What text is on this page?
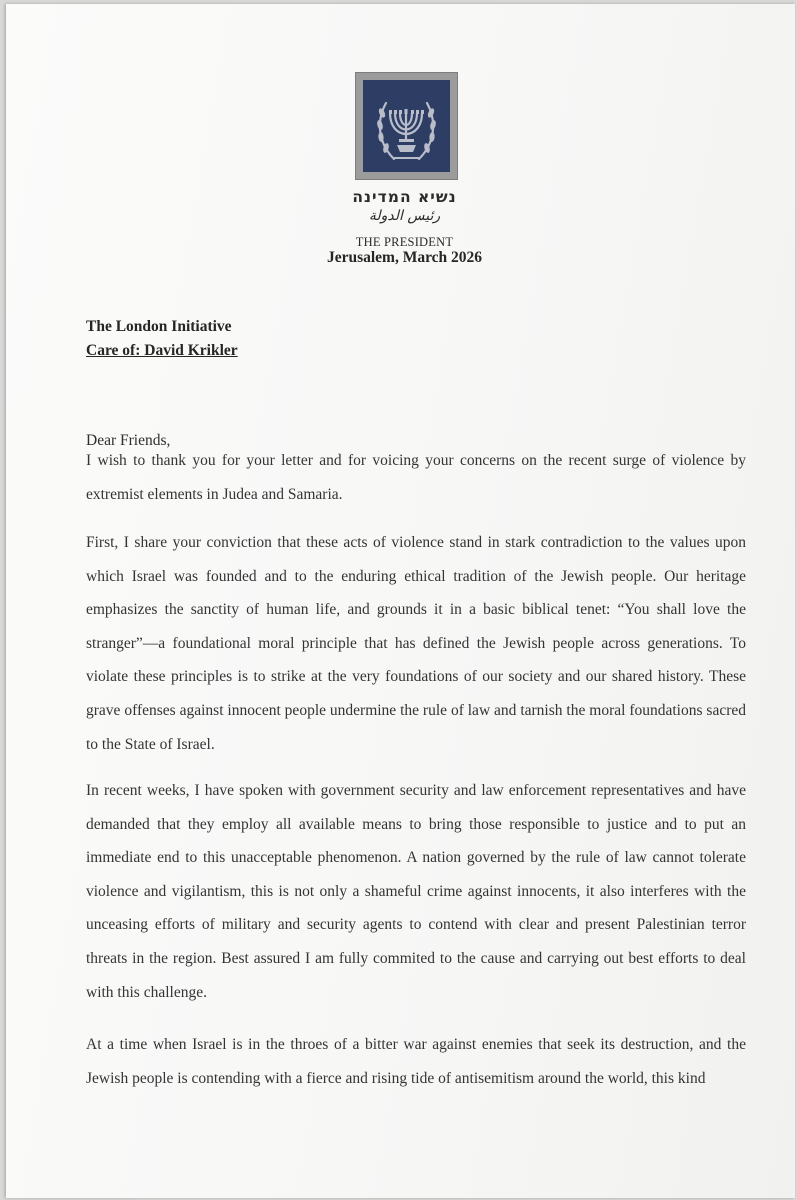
נשיא המדינה
رئيس الدولة
THE PRESIDENT
Jerusalem, March 2026
The London Initiative
Care of: David Krikler
Dear Friends,

I wish to thank you for your letter and for voicing your concerns on the recent surge of violence by extremist elements in Judea and Samaria.

First, I share your conviction that these acts of violence stand in stark contradiction to the values upon which Israel was founded and to the enduring ethical tradition of the Jewish people. Our heritage emphasizes the sanctity of human life, and grounds it in a basic biblical tenet: “You shall love the stranger”—a foundational moral principle that has defined the Jewish people across generations. To violate these principles is to strike at the very foundations of our society and our shared history. These grave offenses against innocent people undermine the rule of law and tarnish the moral foundations sacred to the State of Israel.

In recent weeks, I have spoken with government security and law enforcement representatives and have demanded that they employ all available means to bring those responsible to justice and to put an immediate end to this unacceptable phenomenon. A nation governed by the rule of law cannot tolerate violence and vigilantism, this is not only a shameful crime against innocents, it also interferes with the unceasing efforts of military and security agents to contend with clear and present Palestinian terror threats in the region. Best assured I am fully commited to the cause and carrying out best efforts to deal with this challenge.

At a time when Israel is in the throes of a bitter war against enemies that seek its destruction, and the Jewish people is contending with a fierce and rising tide of antisemitism around the world, this kind
